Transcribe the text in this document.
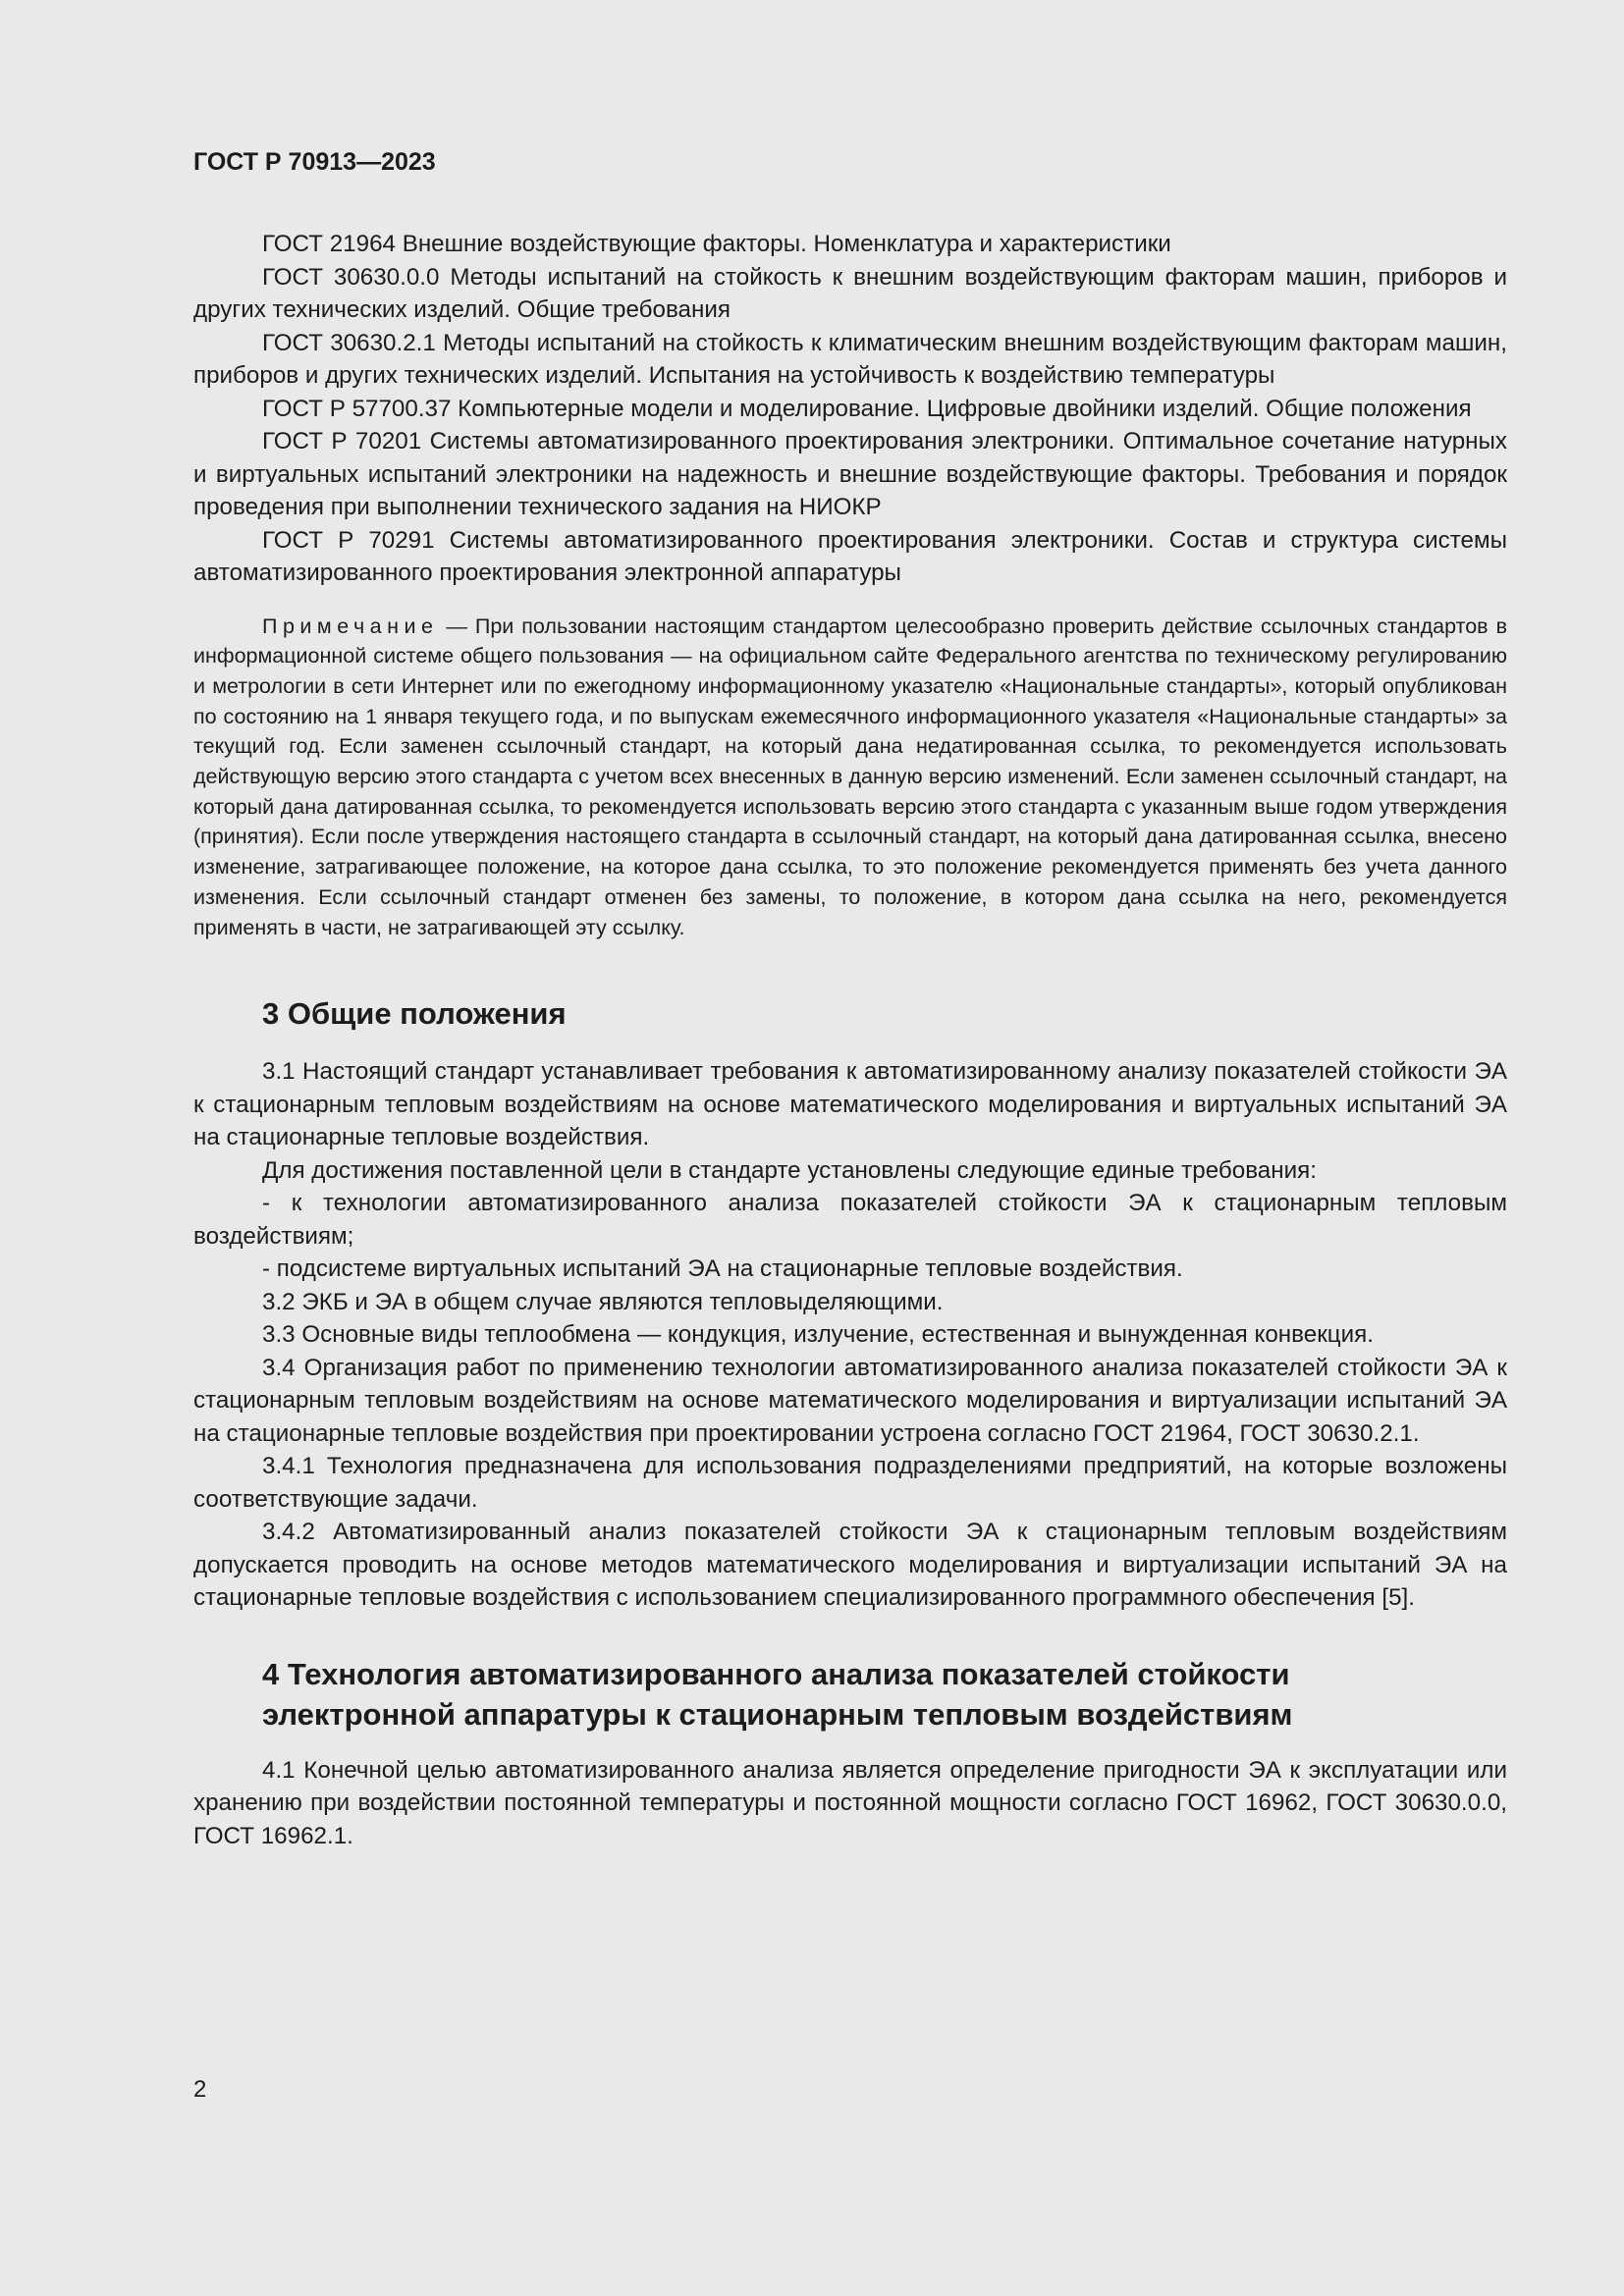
ГОСТ Р 70913—2023

ГОСТ 21964 Внешние воздействующие факторы. Номенклатура и характеристики

ГОСТ 30630.0.0 Методы испытаний на стойкость к внешним воздействующим факторам машин, приборов и других технических изделий. Общие требования

ГОСТ 30630.2.1 Методы испытаний на стойкость к климатическим внешним воздействующим факторам машин, приборов и других технических изделий. Испытания на устойчивость к воздействию температуры

ГОСТ Р 57700.37 Компьютерные модели и моделирование. Цифровые двойники изделий. Общие положения

ГОСТ Р 70201 Системы автоматизированного проектирования электроники. Оптимальное сочетание натурных и виртуальных испытаний электроники на надежность и внешние воздействующие факторы. Требования и порядок проведения при выполнении технического задания на НИОКР

ГОСТ Р 70291 Системы автоматизированного проектирования электроники. Состав и структура системы автоматизированного проектирования электронной аппаратуры

Примечание — При пользовании настоящим стандартом целесообразно проверить действие ссылочных стандартов в информационной системе общего пользования — на официальном сайте Федерального агентства по техническому регулированию и метрологии в сети Интернет или по ежегодному информационному указателю «Национальные стандарты», который опубликован по состоянию на 1 января текущего года, и по выпускам ежемесячного информационного указателя «Национальные стандарты» за текущий год. Если заменен ссылочный стандарт, на который дана недатированная ссылка, то рекомендуется использовать действующую версию этого стандарта с учетом всех внесенных в данную версию изменений. Если заменен ссылочный стандарт, на который дана датированная ссылка, то рекомендуется использовать версию этого стандарта с указанным выше годом утверждения (принятия). Если после утверждения настоящего стандарта в ссылочный стандарт, на который дана датированная ссылка, внесено изменение, затрагивающее положение, на которое дана ссылка, то это положение рекомендуется применять без учета данного изменения. Если ссылочный стандарт отменен без замены, то положение, в котором дана ссылка на него, рекомендуется применять в части, не затрагивающей эту ссылку.

3 Общие положения

3.1 Настоящий стандарт устанавливает требования к автоматизированному анализу показателей стойкости ЭА к стационарным тепловым воздействиям на основе математического моделирования и виртуальных испытаний ЭА на стационарные тепловые воздействия.

Для достижения поставленной цели в стандарте установлены следующие единые требования:

- к технологии автоматизированного анализа показателей стойкости ЭА к стационарным тепловым воздействиям;

- подсистеме виртуальных испытаний ЭА на стационарные тепловые воздействия.

3.2 ЭКБ и ЭА в общем случае являются тепловыделяющими.

3.3 Основные виды теплообмена — кондукция, излучение, естественная и вынужденная конвекция.

3.4 Организация работ по применению технологии автоматизированного анализа показателей стойкости ЭА к стационарным тепловым воздействиям на основе математического моделирования и виртуализации испытаний ЭА на стационарные тепловые воздействия при проектировании устроена согласно ГОСТ 21964, ГОСТ 30630.2.1.

3.4.1 Технология предназначена для использования подразделениями предприятий, на которые возложены соответствующие задачи.

3.4.2 Автоматизированный анализ показателей стойкости ЭА к стационарным тепловым воздействиям допускается проводить на основе методов математического моделирования и виртуализации испытаний ЭА на стационарные тепловые воздействия с использованием специализированного программного обеспечения [5].

4 Технология автоматизированного анализа показателей стойкости
электронной аппаратуры к стационарным тепловым воздействиям

4.1 Конечной целью автоматизированного анализа является определение пригодности ЭА к эксплуатации или хранению при воздействии постоянной температуры и постоянной мощности согласно ГОСТ 16962, ГОСТ 30630.0.0, ГОСТ 16962.1.

2
